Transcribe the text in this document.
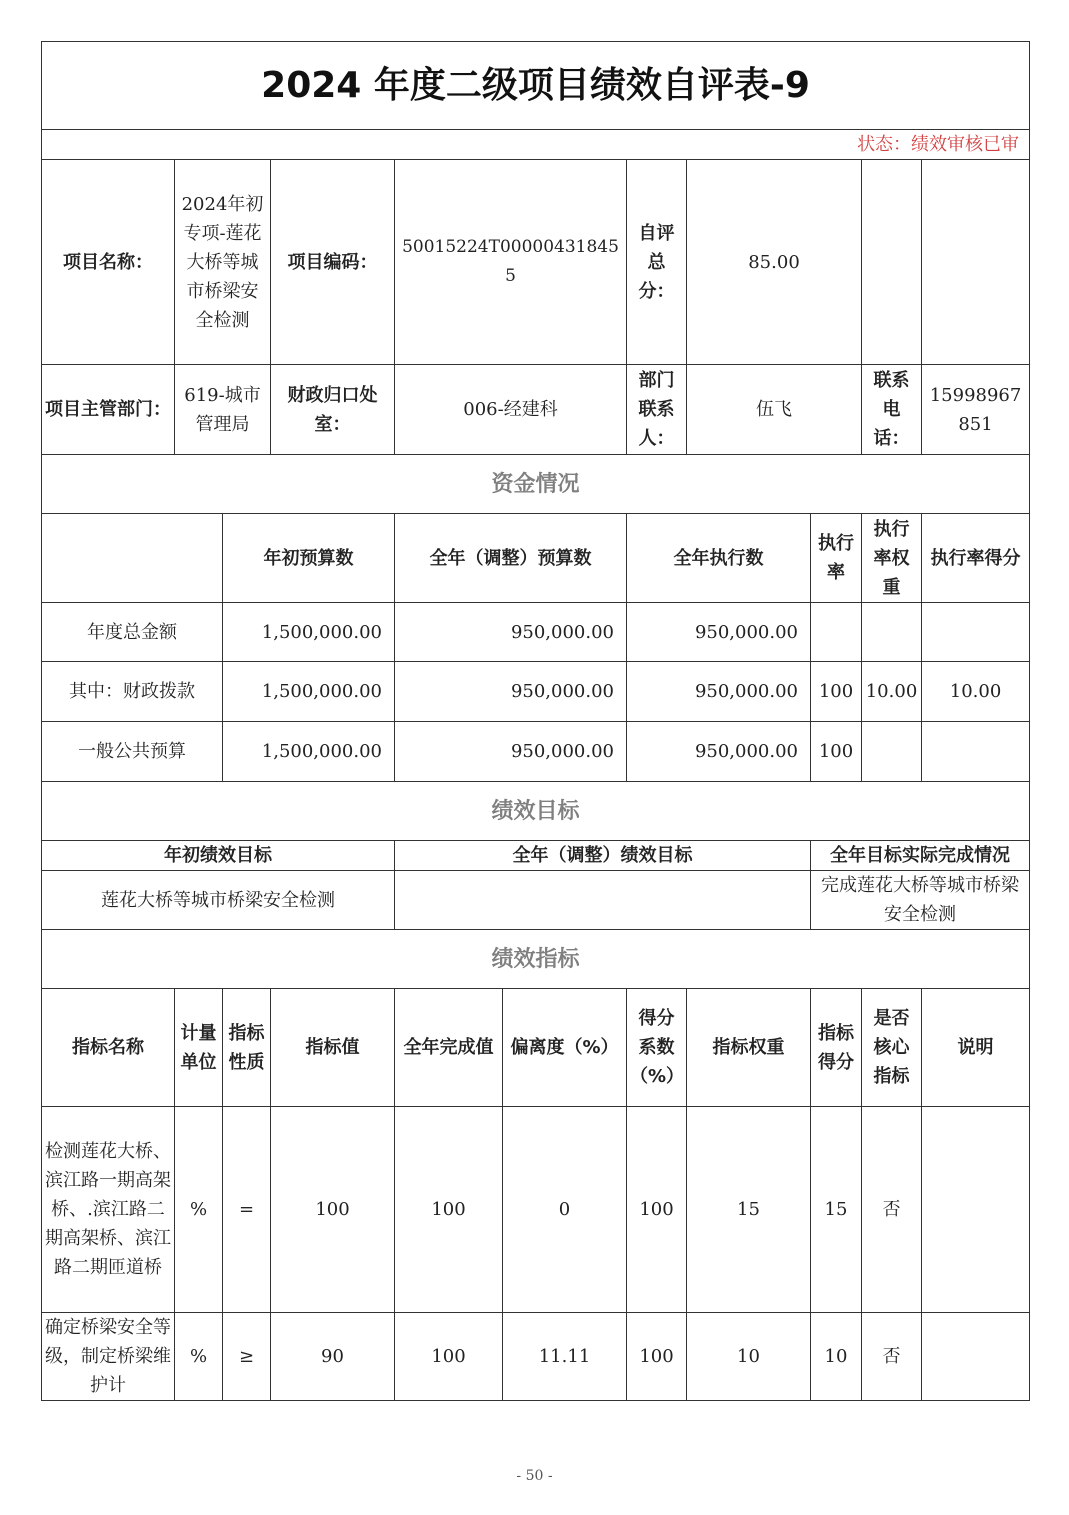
2024 年度二级项目绩效自评表-9										
状态：绩效审核已审										
项目名称：	2024年初专项-莲花大桥等城市桥梁安全检测		项目编码：	50015224T000004318455		自评总分：	85.00			
项目主管部门：	619-城市管理局		财政归口处室：	006-经建科		部门联系人：	伍飞		联系电话：	15998967851
资金情况										
		年初预算数		全年（调整）预算数		全年执行数		执行率	执行率权重	执行率得分
年度总金额		1,500,000.00		950,000.00		950,000.00				
其中：财政拨款		1,500,000.00		950,000.00		950,000.00		100	10.00	10.00
一般公共预算		1,500,000.00		950,000.00		950,000.00		100		
绩效目标										
年初绩效目标				全年（调整）绩效目标				全年目标实际完成情况		
莲花大桥等城市桥梁安全检测								完成莲花大桥等城市桥梁安全检测		
绩效指标										
指标名称	计量单位	指标性质	指标值	全年完成值	偏离度（%）	得分系数（%）	指标权重	指标得分	是否核心指标	说明
检测莲花大桥、滨江路一期高架桥、.滨江路二期高架桥、滨江路二期匝道桥	%	=	100	100	0	100	15	15	否	
确定桥梁安全等级，制定桥梁维护计	%	≥	90	100	11.11	100	10	10	否	
- 50 -
